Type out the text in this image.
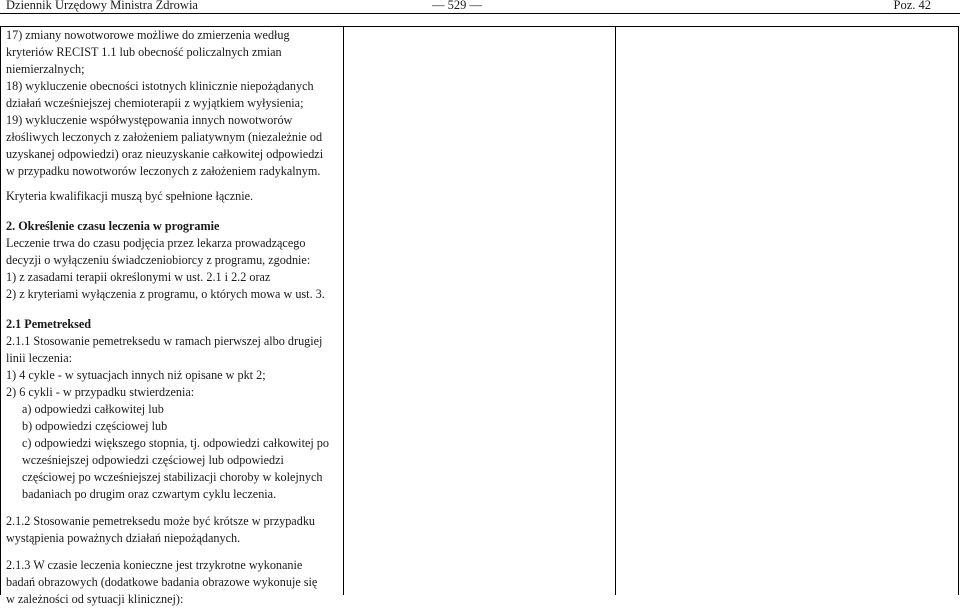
Dziennik Urzędowy Ministra Zdrowia	— 529 —	Poz. 42

17) zmiany nowotworowe możliwe do zmierzenia według

kryteriów RECIST 1.1 lub obecność policzalnych zmian

niemierzalnych;

18) wykluczenie obecności istotnych klinicznie niepożądanych

działań wcześniejszej chemioterapii z wyjątkiem wyłysienia;

19) wykluczenie współwystępowania innych nowotworów

złośliwych leczonych z założeniem paliatywnym (niezależnie od

uzyskanej odpowiedzi) oraz nieuzyskanie całkowitej odpowiedzi

w przypadku nowotworów leczonych z założeniem radykalnym.

Kryteria kwalifikacji muszą być spełnione łącznie.

2. Określenie czasu leczenia w programie

Leczenie trwa do czasu podjęcia przez lekarza prowadzącego

decyzji o wyłączeniu świadczeniobiorcy z programu, zgodnie:

1) z zasadami terapii określonymi w ust. 2.1 i 2.2 oraz

2) z kryteriami wyłączenia z programu, o których mowa w ust. 3.

2.1 Pemetreksed

2.1.1 Stosowanie pemetreksedu w ramach pierwszej albo drugiej

linii leczenia:

1) 4 cykle - w sytuacjach innych niż opisane w pkt 2;

2) 6 cykli - w przypadku stwierdzenia:

a) odpowiedzi całkowitej lub

b) odpowiedzi częściowej lub

c) odpowiedzi większego stopnia, tj. odpowiedzi całkowitej po

wcześniejszej odpowiedzi częściowej lub odpowiedzi

częściowej po wcześniejszej stabilizacji choroby w kolejnych

badaniach po drugim oraz czwartym cyklu leczenia.

2.1.2 Stosowanie pemetreksedu może być krótsze w przypadku

wystąpienia poważnych działań niepożądanych.

2.1.3 W czasie leczenia konieczne jest trzykrotne wykonanie

badań obrazowych (dodatkowe badania obrazowe wykonuje się

w zależności od sytuacji klinicznej):
